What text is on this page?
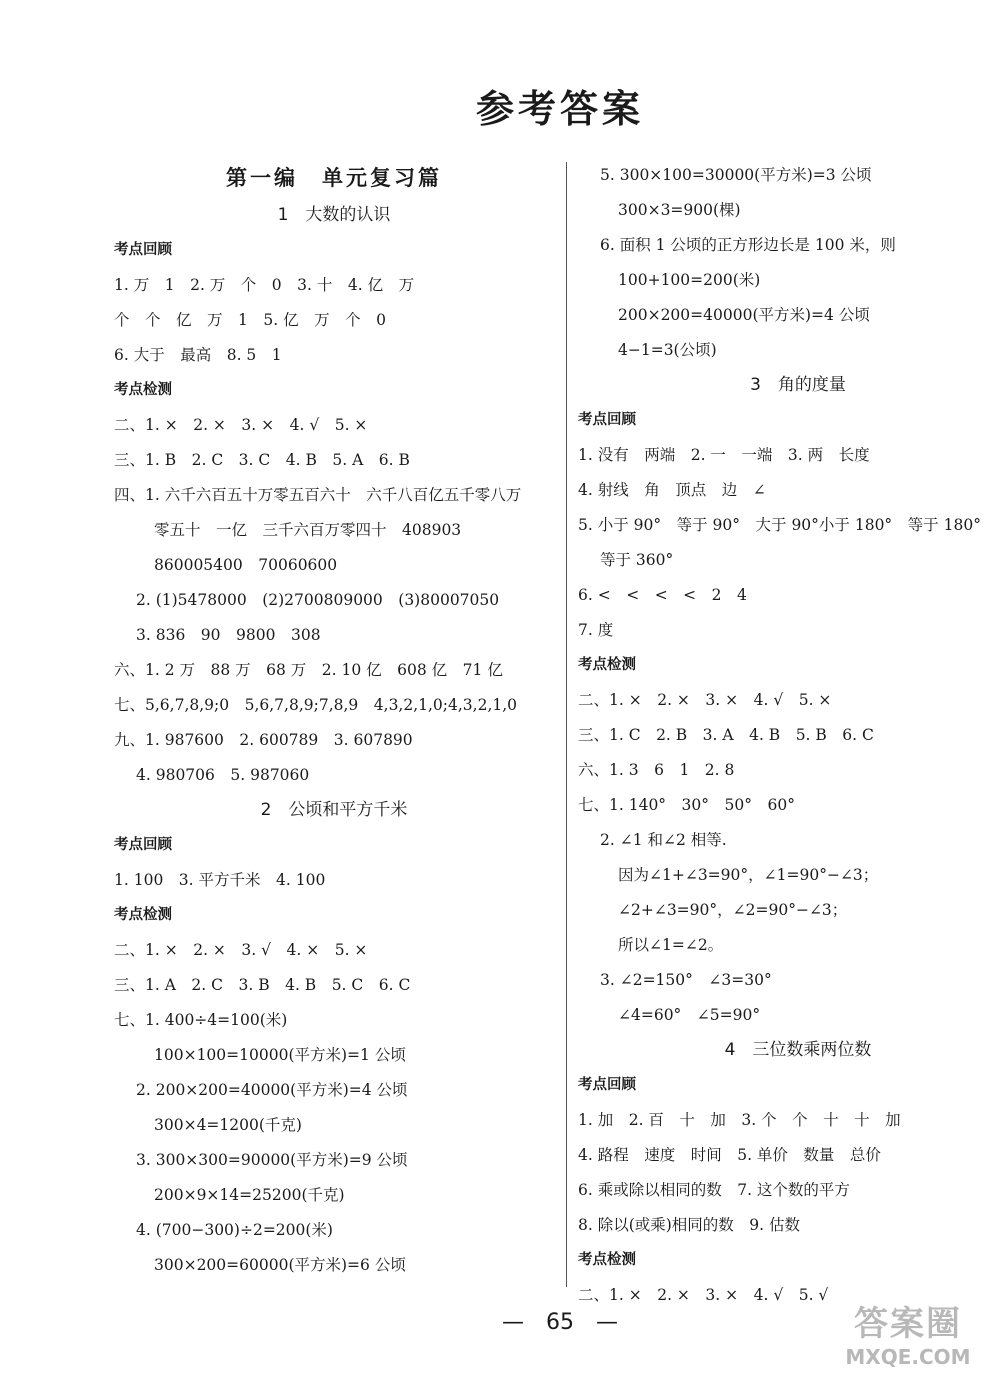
参考答案
第一编　单元复习篇
1　大数的认识
考点回顾
1. 万　1　2. 万　个　0　3. 十　4. 亿　万
个　个　亿　万　1　5. 亿　万　个　0
6. 大于　最高　8. 5　1
考点检测
二、1. ×　2. ×　3. ×　4. √　5. ×
三、1. B　2. C　3. C　4. B　5. A　6. B
四、1. 六千六百五十万零五百六十　六千八百亿五千零八万
零五十　一亿　三千六百万零四十　408903
860005400　70060600
2. (1)5478000　(2)2700809000　(3)80007050
3. 836　90　9800　308
六、1. 2 万　88 万　68 万　2. 10 亿　608 亿　71 亿
七、5,6,7,8,9;0　5,6,7,8,9;7,8,9　4,3,2,1,0;4,3,2,1,0
九、1. 987600　2. 600789　3. 607890
4. 980706　5. 987060
2　公顷和平方千米
考点回顾
1. 100　3. 平方千米　4. 100
考点检测
二、1. ×　2. ×　3. √　4. ×　5. ×
三、1. A　2. C　3. B　4. B　5. C　6. C
七、1. 400÷4=100(米)
100×100=10000(平方米)=1 公顷
2. 200×200=40000(平方米)=4 公顷
300×4=1200(千克)
3. 300×300=90000(平方米)=9 公顷
200×9×14=25200(千克)
4. (700−300)÷2=200(米)
300×200=60000(平方米)=6 公顷
5. 300×100=30000(平方米)=3 公顷
300×3=900(棵)
6. 面积 1 公顷的正方形边长是 100 米，则
100+100=200(米)
200×200=40000(平方米)=4 公顷
4−1=3(公顷)
3　角的度量
考点回顾
1. 没有　两端　2. 一　一端　3. 两　长度
4. 射线　角　顶点　边　∠
5. 小于 90°　等于 90°　大于 90°小于 180°　等于 180°
等于 360°
6. <　<　<　<　2　4
7. 度
考点检测
二、1. ×　2. ×　3. ×　4. √　5. ×
三、1. C　2. B　3. A　4. B　5. B　6. C
六、1. 3　6　1　2. 8
七、1. 140°　30°　50°　60°
2. ∠1 和∠2 相等.
因为∠1+∠3=90°，∠1=90°−∠3；
∠2+∠3=90°，∠2=90°−∠3；
所以∠1=∠2。
3. ∠2=150°　∠3=30°
∠4=60°　∠5=90°
4　三位数乘两位数
考点回顾
1. 加　2. 百　十　加　3. 个　个　十　十　加
4. 路程　速度　时间　5. 单价　数量　总价
6. 乘或除以相同的数　7. 这个数的平方
8. 除以(或乘)相同的数　9. 估数
考点检测
二、1. ×　2. ×　3. ×　4. √　5. √
—　65　—	答案圈
MXQE.COM
